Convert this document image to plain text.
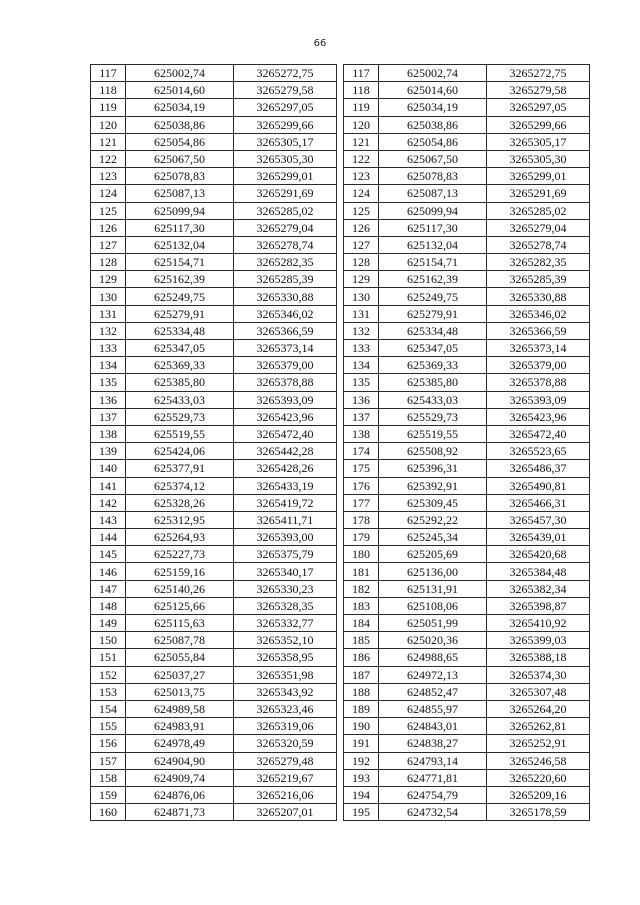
66
117	625002,74	3265272,75
118	625014,60	3265279,58
119	625034,19	3265297,05
120	625038,86	3265299,66
121	625054,86	3265305,17
122	625067,50	3265305,30
123	625078,83	3265299,01
124	625087,13	3265291,69
125	625099,94	3265285,02
126	625117,30	3265279,04
127	625132,04	3265278,74
128	625154,71	3265282,35
129	625162,39	3265285,39
130	625249,75	3265330,88
131	625279,91	3265346,02
132	625334,48	3265366,59
133	625347,05	3265373,14
134	625369,33	3265379,00
135	625385,80	3265378,88
136	625433,03	3265393,09
137	625529,73	3265423,96
138	625519,55	3265472,40
139	625424,06	3265442,28
140	625377,91	3265428,26
141	625374,12	3265433,19
142	625328,26	3265419,72
143	625312,95	3265411,71
144	625264,93	3265393,00
145	625227,73	3265375,79
146	625159,16	3265340,17
147	625140,26	3265330,23
148	625125,66	3265328,35
149	625115,63	3265332,77
150	625087,78	3265352,10
151	625055,84	3265358,95
152	625037,27	3265351,98
153	625013,75	3265343,92
154	624989,58	3265323,46
155	624983,91	3265319,06
156	624978,49	3265320,59
157	624904,90	3265279,48
158	624909,74	3265219,67
159	624876,06	3265216,06
160	624871,73	3265207,01
117	625002,74	3265272,75
118	625014,60	3265279,58
119	625034,19	3265297,05
120	625038,86	3265299,66
121	625054,86	3265305,17
122	625067,50	3265305,30
123	625078,83	3265299,01
124	625087,13	3265291,69
125	625099,94	3265285,02
126	625117,30	3265279,04
127	625132,04	3265278,74
128	625154,71	3265282,35
129	625162,39	3265285,39
130	625249,75	3265330,88
131	625279,91	3265346,02
132	625334,48	3265366,59
133	625347,05	3265373,14
134	625369,33	3265379,00
135	625385,80	3265378,88
136	625433,03	3265393,09
137	625529,73	3265423,96
138	625519,55	3265472,40
174	625508,92	3265523,65
175	625396,31	3265486,37
176	625392,91	3265490,81
177	625309,45	3265466,31
178	625292,22	3265457,30
179	625245,34	3265439,01
180	625205,69	3265420,68
181	625136,00	3265384,48
182	625131,91	3265382,34
183	625108,06	3265398,87
184	625051,99	3265410,92
185	625020,36	3265399,03
186	624988,65	3265388,18
187	624972,13	3265374,30
188	624852,47	3265307,48
189	624855,97	3265264,20
190	624843,01	3265262,81
191	624838,27	3265252,91
192	624793,14	3265246,58
193	624771,81	3265220,60
194	624754,79	3265209,16
195	624732,54	3265178,59
